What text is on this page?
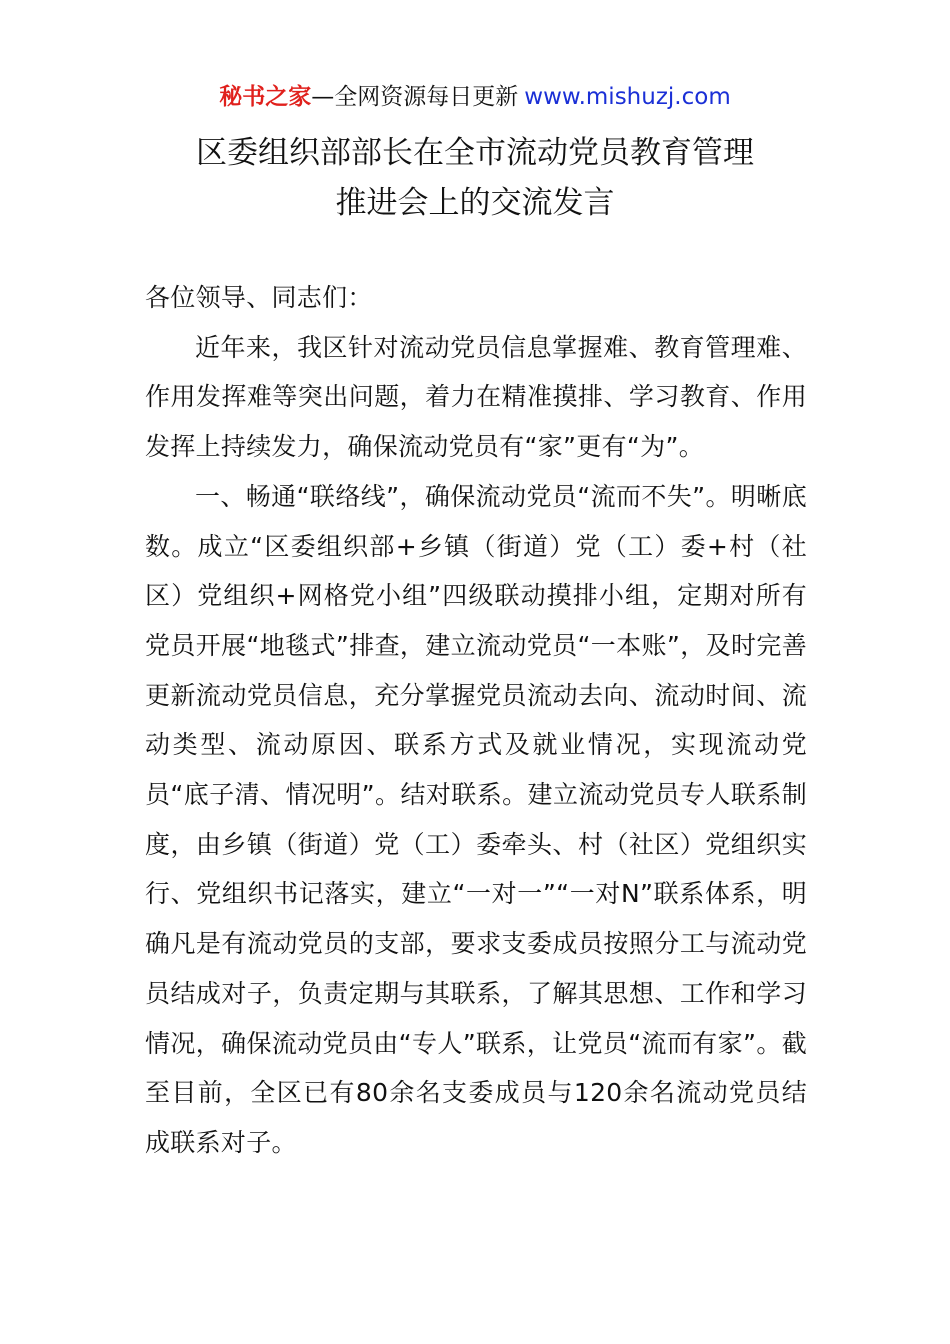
秘书之家—全网资源每日更新 www.mishuzj.com
区委组织部部长在全市流动党员教育管理
推进会上的交流发言

各位领导、同志们：

近年来，我区针对流动党员信息掌握难、教育管理难、作用发挥难等突出问题，着力在精准摸排、学习教育、作用发挥上持续发力，确保流动党员有“家”更有“为”。

一、畅通“联络线”，确保流动党员“流而不失”。明晰底数。成立“区委组织部+乡镇（街道）党（工）委+村（社区）党组织+网格党小组”四级联动摸排小组，定期对所有党员开展“地毯式”排查，建立流动党员“一本账”，及时完善更新流动党员信息，充分掌握党员流动去向、流动时间、流动类型、流动原因、联系方式及就业情况，实现流动党员“底子清、情况明”。结对联系。建立流动党员专人联系制度，由乡镇（街道）党（工）委牵头、村（社区）党组织实行、党组织书记落实，建立“一对一”“一对N”联系体系，明确凡是有流动党员的支部，要求支委成员按照分工与流动党员结成对子，负责定期与其联系，了解其思想、工作和学习情况，确保流动党员由“专人”联系，让党员“流而有家”。截至目前，全区已有80余名支委成员与120余名流动党员结成联系对子。
